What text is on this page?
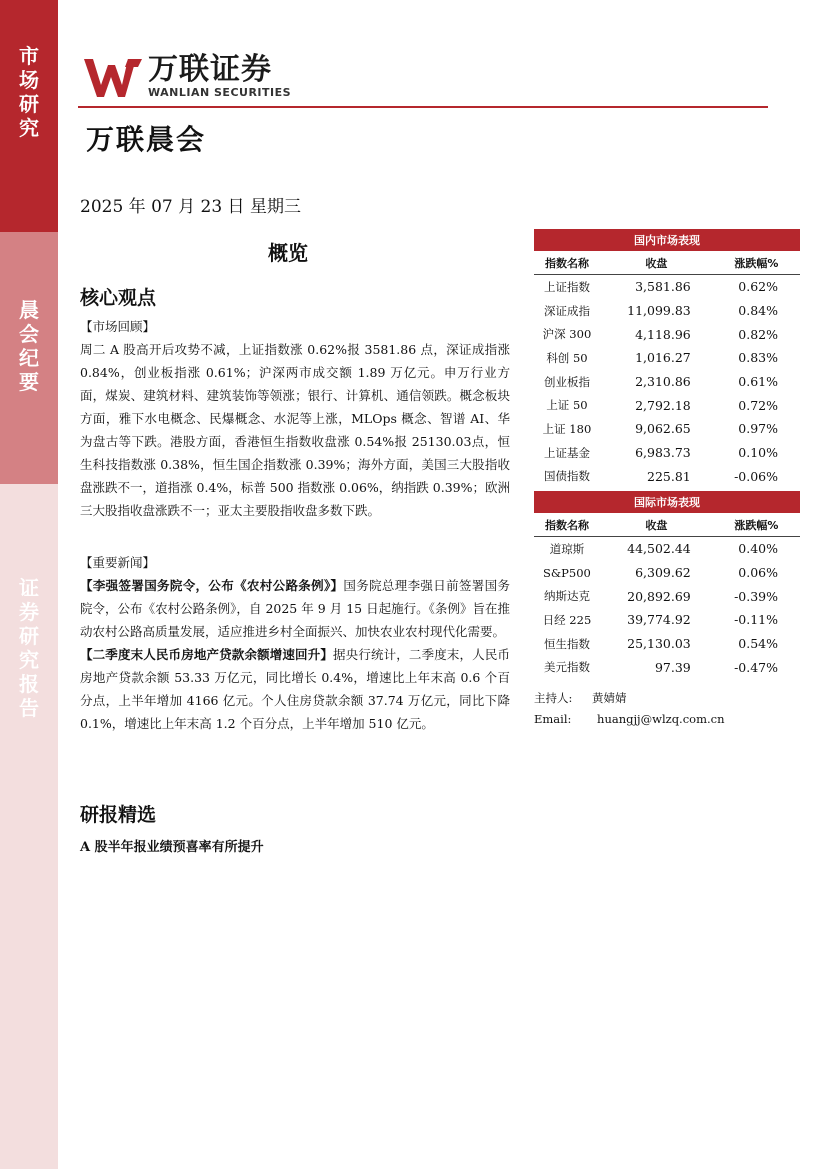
市场研究
晨会纪要
证券研究报告
万联证券
WANLIAN SECURITIES
万联晨会
2025 年 07 月 23 日 星期三
概览
核心观点

【市场回顾】

周二 A 股高开后攻势不减，上证指数涨 0.62%报 3581.86 点，深证成指涨 0.84%，创业板指涨 0.61%；沪深两市成交额 1.89 万亿元。申万行业方面，煤炭、建筑材料、建筑装饰等领涨；银行、计算机、通信领跌。概念板块方面，雅下水电概念、民爆概念、水泥等上涨，MLOps 概念、智谱 AI、华为盘古等下跌。港股方面，香港恒生指数收盘涨 0.54%报 25130.03点，恒生科技指数涨 0.38%，恒生国企指数涨 0.39%；海外方面，美国三大股指收盘涨跌不一，道指涨 0.4%，标普 500 指数涨 0.06%，纳指跌 0.39%；欧洲三大股指收盘涨跌不一；亚太主要股指收盘多数下跌。

【重要新闻】

【李强签署国务院令，公布《农村公路条例》】国务院总理李强日前签署国务院令，公布《农村公路条例》，自 2025 年 9 月 15 日起施行。《条例》旨在推动农村公路高质量发展，适应推进乡村全面振兴、加快农业农村现代化需要。

【二季度末人民币房地产贷款余额增速回升】据央行统计，二季度末，人民币房地产贷款余额 53.33 万亿元，同比增长 0.4%，增速比上年末高 0.6 个百分点，上半年增加 4166 亿元。个人住房贷款余额 37.74 万亿元，同比下降 0.1%，增速比上年末高 1.2 个百分点，上半年增加 510 亿元。

研报精选
A 股半年报业绩预喜率有所提升
国内市场表现		
指数名称	收盘	涨跌幅%
上证指数	3,581.86	0.62%
深证成指	11,099.83	0.84%
沪深 300	4,118.96	0.82%
科创 50	1,016.27	0.83%
创业板指	2,310.86	0.61%
上证 50	2,792.18	0.72%
上证 180	9,062.65	0.97%
上证基金	6,983.73	0.10%
国债指数	225.81	-0.06%
国际市场表现		
指数名称	收盘	涨跌幅%
道琼斯	44,502.44	0.40%
S&P500	6,309.62	0.06%
纳斯达克	20,892.69	-0.39%
日经 225	39,774.92	-0.11%
恒生指数	25,130.03	0.54%
美元指数	97.39	-0.47%
主持人: 黄婧婧
Email: huangjj@wlzq.com.cn
